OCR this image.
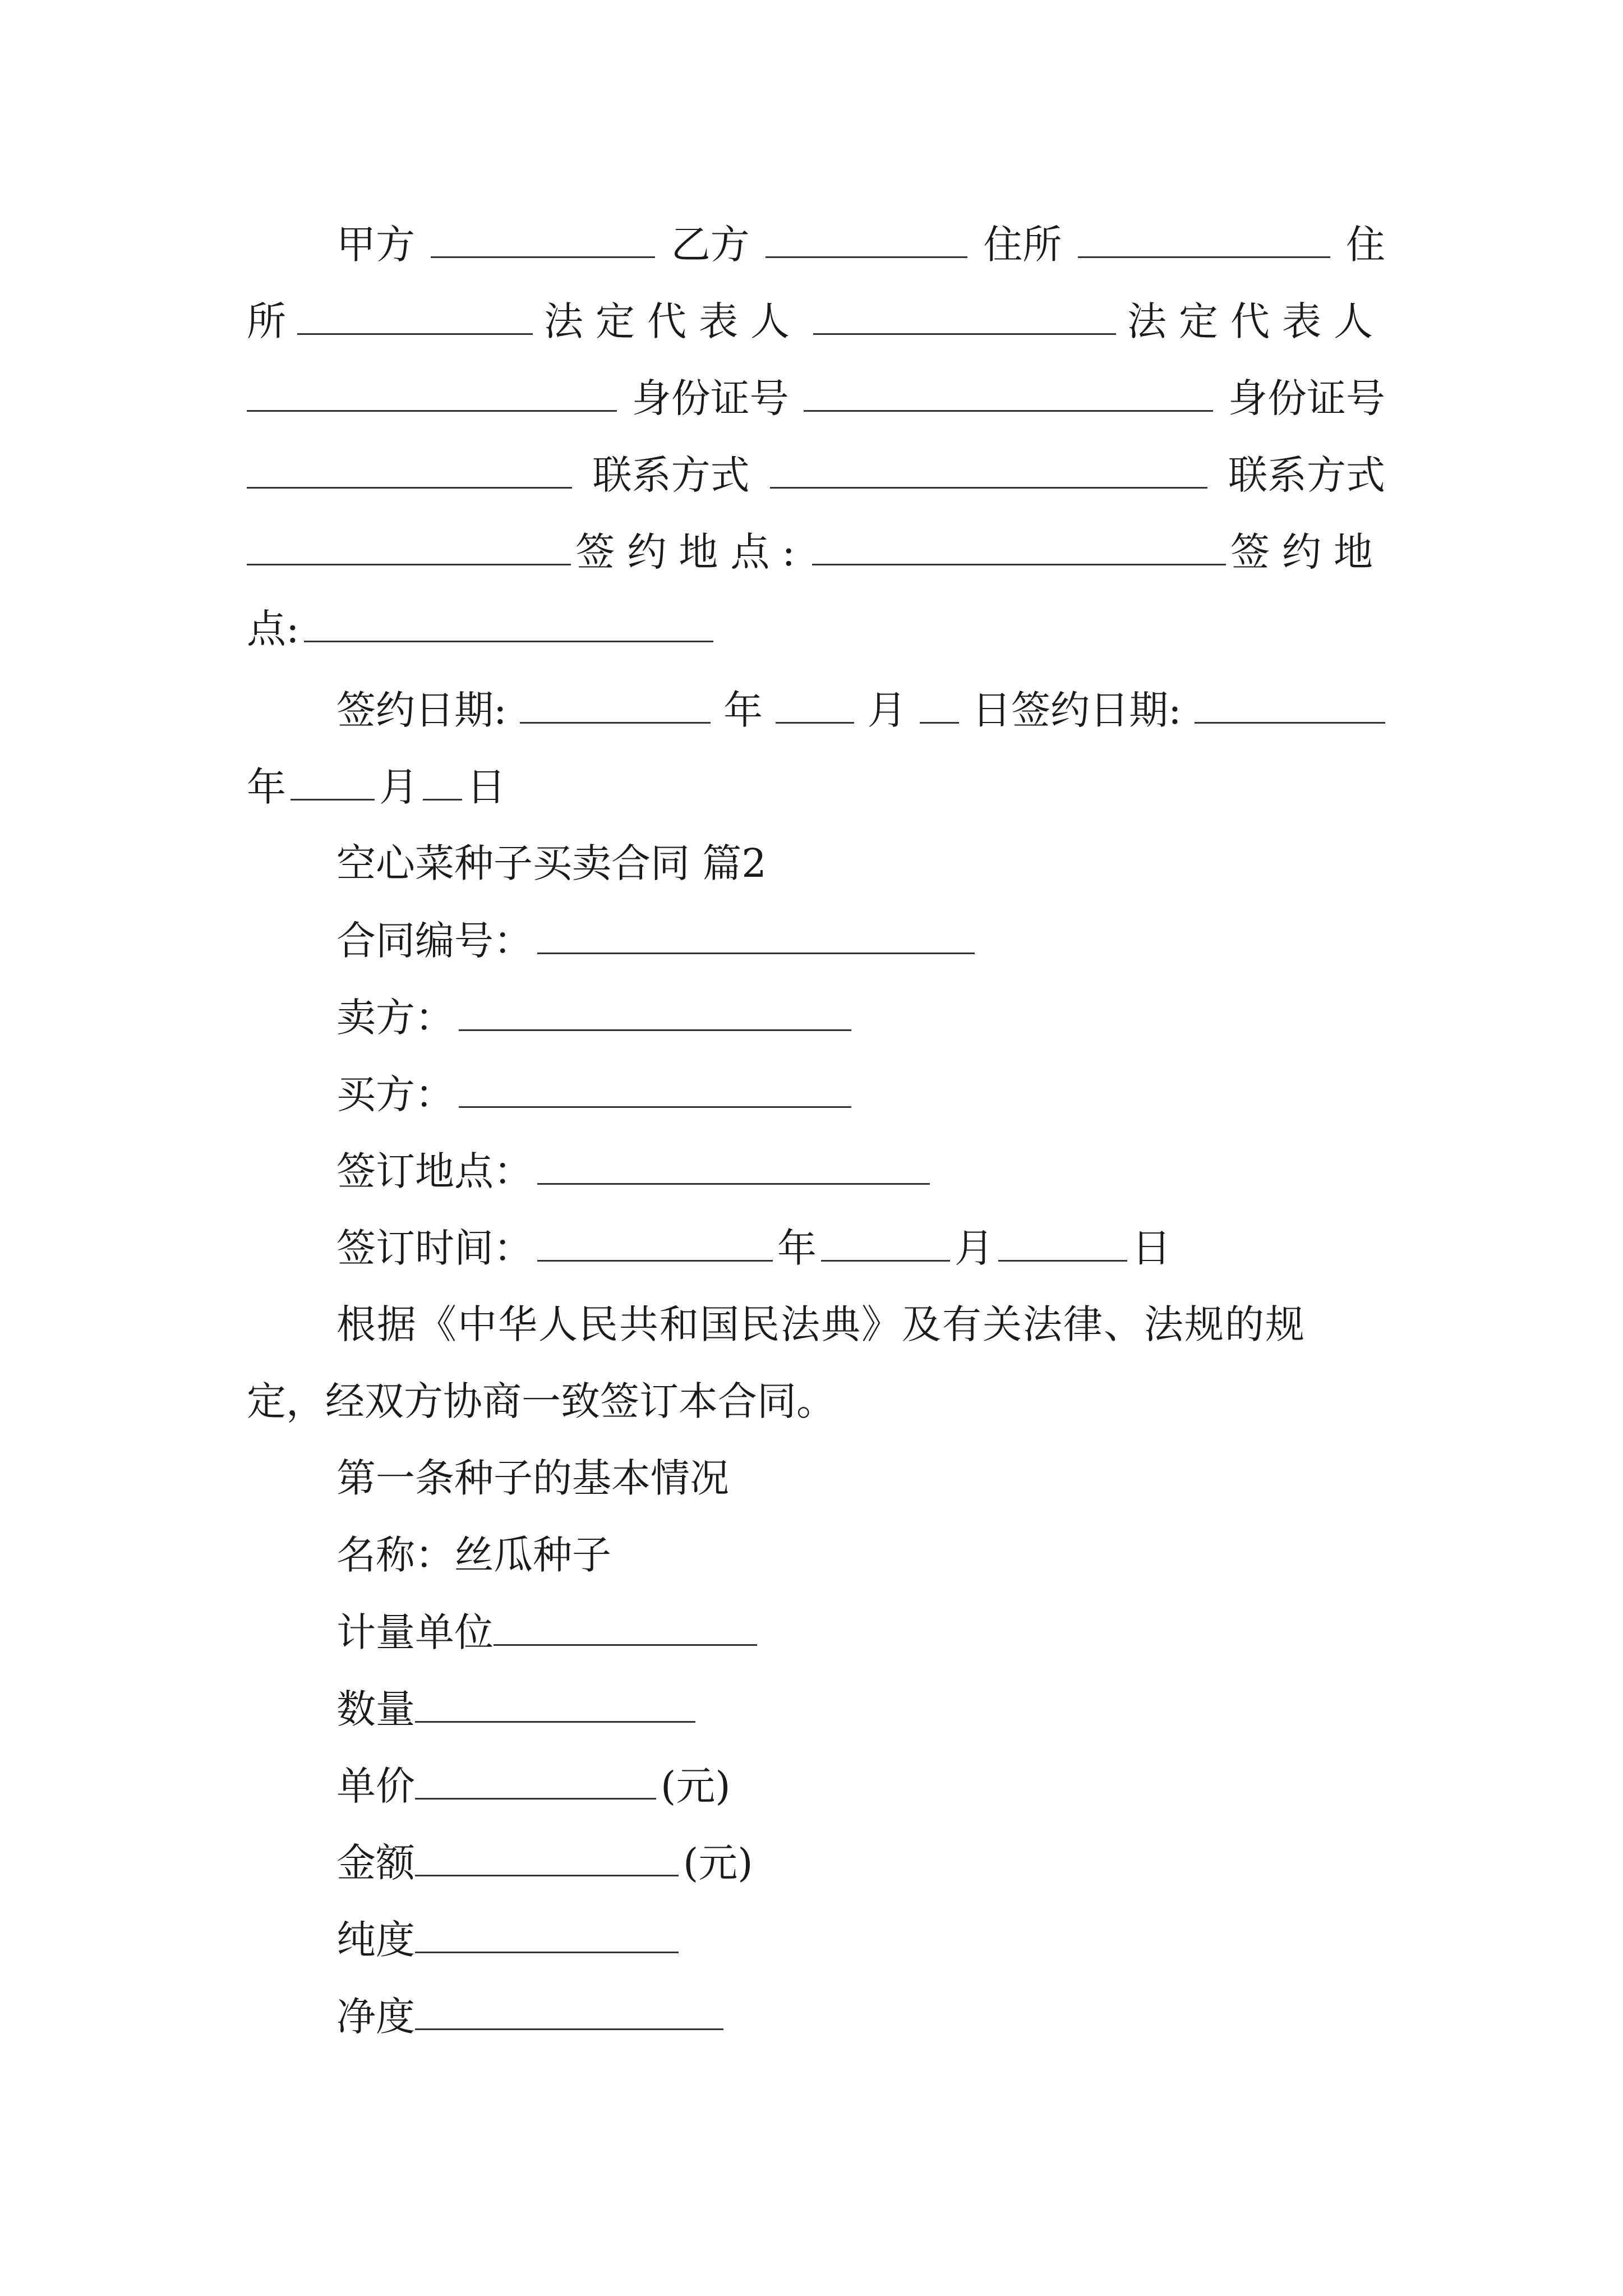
甲方	乙方	住所	住
所	法定代表人	法定代表人
身份证号	身份证号
联系方式	联系方式
签约地点:	签约地
点:
签约日期:	年	月 日签约日期:
年 月 日
空心菜种子买卖合同 篇2
合同编号：
卖方：
买方：
签订地点：
签订时间：	年	月	日
根据《中华人民共和国民法典》及有关法律、法规的规
定，经双方协商一致签订本合同。
第一条种子的基本情况
名称：丝瓜种子
计量单位
数量
单价	(元)
金额	(元)
纯度
净度
